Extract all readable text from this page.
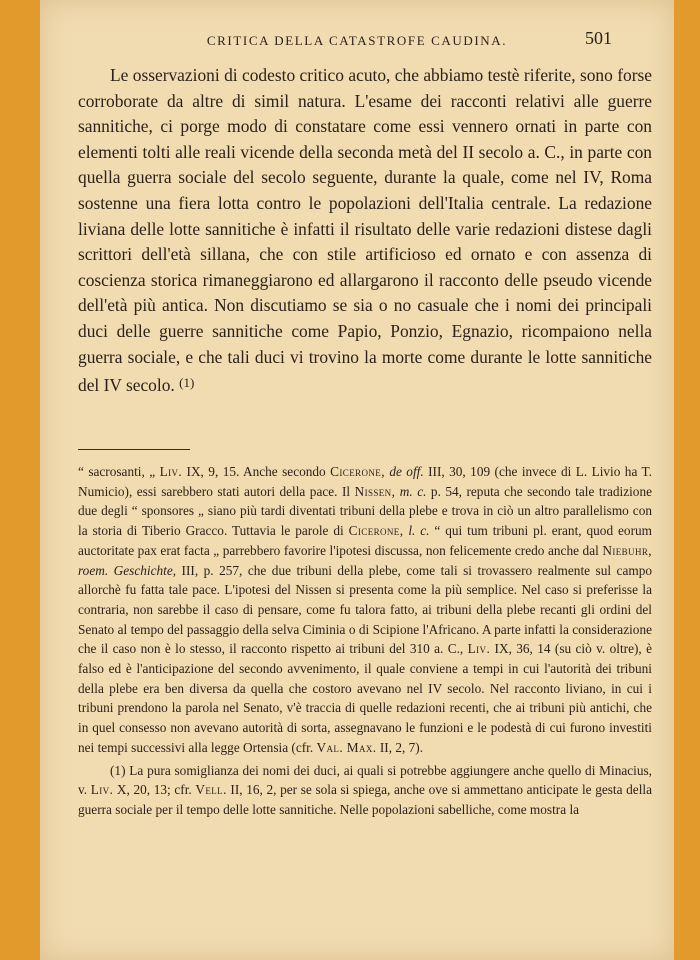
CRITICA DELLA CATASTROFE CAUDINA.	501

Le osservazioni di codesto critico acuto, che abbiamo testè riferite, sono forse corroborate da altre di simil natura. L'esame dei racconti relativi alle guerre sannitiche, ci porge modo di constatare come essi vennero ornati in parte con elementi tolti alle reali vicende della seconda metà del II secolo a. C., in parte con quella guerra sociale del secolo seguente, durante la quale, come nel IV, Roma sostenne una fiera lotta contro le popolazioni dell'Italia centrale. La redazione liviana delle lotte sannitiche è infatti il risultato delle varie redazioni distese dagli scrittori dell'età sillana, che con stile artificioso ed ornato e con assenza di coscienza storica rimaneggiarono ed allargarono il racconto delle pseudo vicende dell'età più antica. Non discutiamo se sia o no casuale che i nomi dei principali duci delle guerre sannitiche come Papio, Ponzio, Egnazio, ricompaiono nella guerra sociale, e che tali duci vi trovino la morte come durante le lotte sannitiche del IV secolo. $^{(1)}$

“ sacrosanti, „ Liv. IX, 9, 15. Anche secondo Cicerone, de off. III, 30, 109 (che invece di L. Livio ha T. Numicio), essi sarebbero stati autori della pace. Il Nissen, m. c. p. 54, reputa che secondo tale tradizione due degli “ sponsores „ siano più tardi diventati tribuni della plebe e trova in ciò un altro parallelismo con la storia di Tiberio Gracco. Tuttavia le parole di Cicerone, l. c. “ qui tum tribuni pl. erant, quod eorum auctoritate pax erat facta „ parrebbero favorire l'ipotesi discussa, non felicemente credo anche dal Niebuhr, roem. Geschichte, III, p. 257, che due tribuni della plebe, come tali si trovassero realmente sul campo allorchè fu fatta tale pace. L'ipotesi del Nissen si presenta come la più semplice. Nel caso si preferisse la contraria, non sarebbe il caso di pensare, come fu talora fatto, ai tribuni della plebe recanti gli ordini del Senato al tempo del passaggio della selva Ciminia o di Scipione l'Africano. A parte infatti la considerazione che il caso non è lo stesso, il racconto rispetto ai tribuni del 310 a. C., Liv. IX, 36, 14 (su ciò v. oltre), è falso ed è l'anticipazione del secondo avvenimento, il quale conviene a tempi in cui l'autorità dei tribuni della plebe era ben diversa da quella che costoro avevano nel IV secolo. Nel racconto liviano, in cui i tribuni prendono la parola nel Senato, v'è traccia di quelle redazioni recenti, che ai tribuni più antichi, che in quel consesso non avevano autorità di sorta, assegnavano le funzioni e le podestà di cui furono investiti nei tempi successivi alla legge Ortensia (cfr. Val. Max. II, 2, 7).

(1) La pura somiglianza dei nomi dei duci, ai quali si potrebbe aggiungere anche quello di Minacius, v. Liv. X, 20, 13; cfr. Vell. II, 16, 2, per se sola si spiega, anche ove si ammettano anticipate le gesta della guerra sociale per il tempo delle lotte sannitiche. Nelle popolazioni sabelliche, come mostra la
